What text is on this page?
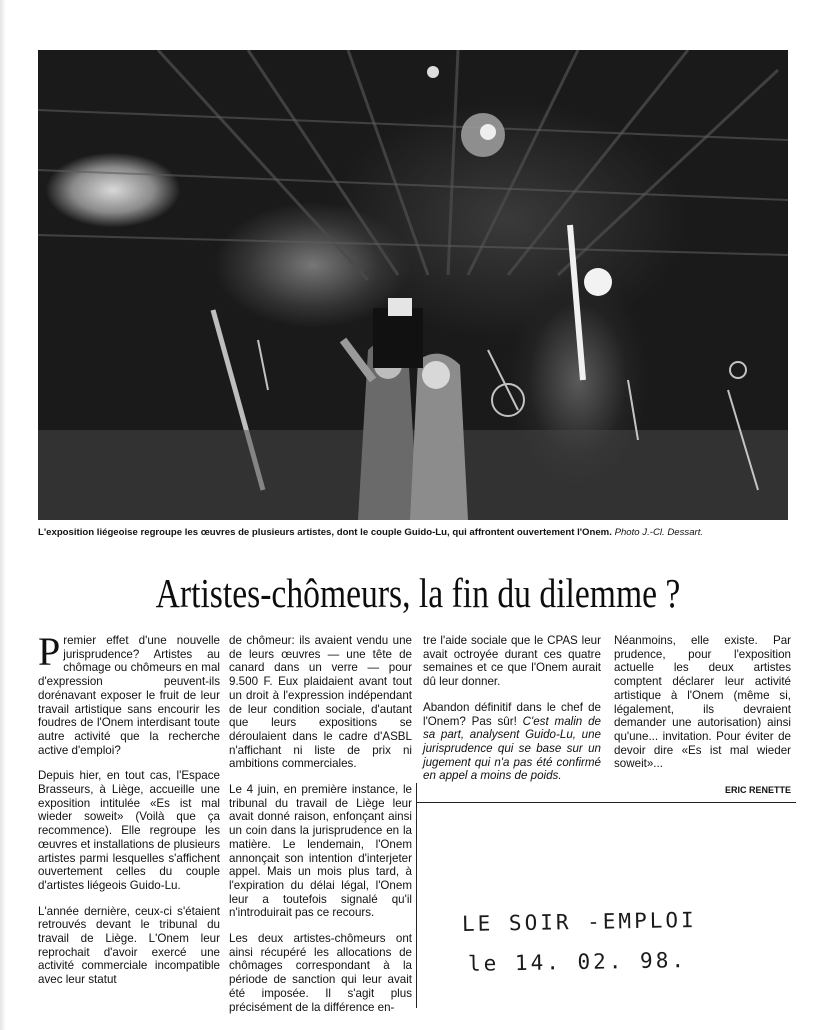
L'exposition liégeoise regroupe les œuvres de plusieurs artistes, dont le couple Guido-Lu, qui affrontent ouvertement l'Onem. Photo J.-Cl. Dessart.
Artistes-chômeurs, la fin du dilemme ?

Premier effet d'une nouvelle jurisprudence? Artistes au chômage ou chômeurs en mal d'expression peuvent-ils dorénavant exposer le fruit de leur travail artistique sans encourir les foudres de l'Onem interdisant toute autre activité que la recherche active d'emploi?

Depuis hier, en tout cas, l'Espace Brasseurs, à Liège, accueille une exposition intitulée «Es ist mal wieder soweit» (Voilà que ça recommence). Elle regroupe les œuvres et installations de plusieurs artistes parmi lesquelles s'affichent ouvertement celles du couple d'artistes liégeois Guido-Lu.

L'année dernière, ceux-ci s'étaient retrouvés devant le tribunal du travail de Liège. L'Onem leur reprochait d'avoir exercé une activité commerciale incompatible avec leur statut

de chômeur: ils avaient vendu une de leurs œuvres — une tête de canard dans un verre — pour 9.500 F. Eux plaidaient avant tout un droit à l'expression indépendant de leur condition sociale, d'autant que leurs expositions se déroulaient dans le cadre d'ASBL n'affichant ni liste de prix ni ambitions commerciales.

Le 4 juin, en première instance, le tribunal du travail de Liège leur avait donné raison, enfonçant ainsi un coin dans la jurisprudence en la matière. Le lendemain, l'Onem annonçait son intention d'interjeter appel. Mais un mois plus tard, à l'expiration du délai légal, l'Onem leur a toutefois signalé qu'il n'introduirait pas ce recours.

Les deux artistes-chômeurs ont ainsi récupéré les allocations de chômages correspondant à la période de sanction qui leur avait été imposée. Il s'agit plus précisément de la différence en-

tre l'aide sociale que le CPAS leur avait octroyée durant ces quatre semaines et ce que l'Onem aurait dû leur donner.

Abandon définitif dans le chef de l'Onem? Pas sûr! C'est malin de sa part, analysent Guido-Lu, une jurisprudence qui se base sur un jugement qui n'a pas été confirmé en appel a moins de poids.

Néanmoins, elle existe. Par prudence, pour l'exposition actuelle les deux artistes comptent déclarer leur activité artistique à l'Onem (même si, légalement, ils devraient demander une autorisation) ainsi qu'une... invitation. Pour éviter de devoir dire «Es ist mal wieder soweit»...

ERIC RENETTE
LE SOIR -EMPLOI
le 14. 02. 98.
